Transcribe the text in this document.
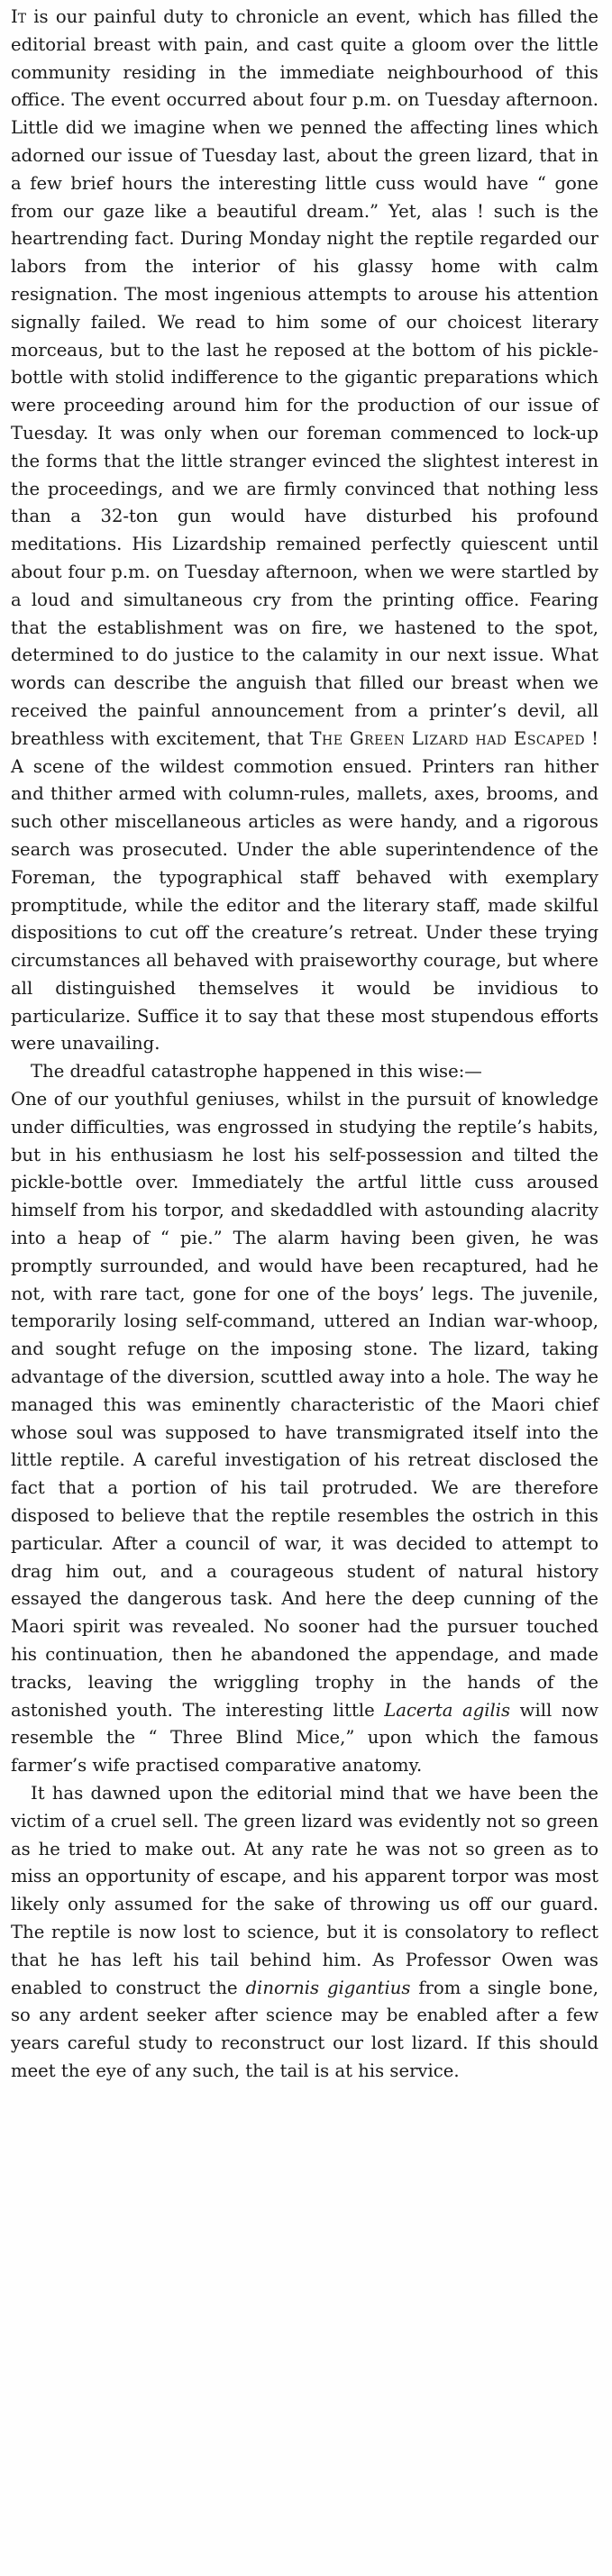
It is our painful duty to chronicle an event, which has filled the editorial breast with pain, and cast quite a gloom over the little community residing in the immediate neighbourhood of this office. The event occurred about four p.m. on Tuesday afternoon. Little did we imagine when we penned the affecting lines which adorned our issue of Tuesday last, about the green lizard, that in a few brief hours the interesting little cuss would have “ gone from our gaze like a beautiful dream.” Yet, alas ! such is the heartrending fact. During Monday night the reptile regarded our labors from the interior of his glassy home with calm resignation. The most ingenious attempts to arouse his attention signally failed. We read to him some of our choicest literary morceaus, but to the last he reposed at the bottom of his pickle-bottle with stolid indifference to the gigantic preparations which were proceeding around him for the production of our issue of Tuesday. It was only when our foreman commenced to lock-up the forms that the little stranger evinced the slightest interest in the proceedings, and we are firmly convinced that nothing less than a 32-ton gun would have disturbed his profound meditations. His Lizardship remained perfectly quiescent until about four p.m. on Tuesday afternoon, when we were startled by a loud and simultaneous cry from the printing office. Fearing that the establishment was on fire, we hastened to the spot, determined to do justice to the calamity in our next issue. What words can describe the anguish that filled our breast when we received the painful announcement from a printer’s devil, all breathless with excitement, that The Green Lizard had Escaped ! A scene of the wildest commotion ensued. Printers ran hither and thither armed with column-rules, mallets, axes, brooms, and such other miscellaneous articles as were handy, and a rigorous search was prosecuted. Under the able superintendence of the Foreman, the typographical staff behaved with exemplary promptitude, while the editor and the literary staff, made skilful dispositions to cut off the creature’s retreat. Under these trying circumstances all behaved with praiseworthy courage, but where all distinguished themselves it would be invidious to particularize. Suffice it to say that these most stupendous efforts were unavailing.

The dreadful catastrophe happened in this wise:—

One of our youthful geniuses, whilst in the pursuit of knowledge under difficulties, was engrossed in studying the reptile’s habits, but in his enthusiasm he lost his self-possession and tilted the pickle-bottle over. Immediately the artful little cuss aroused himself from his torpor, and skedaddled with astounding alacrity into a heap of “ pie.” The alarm having been given, he was promptly surrounded, and would have been recaptured, had he not, with rare tact, gone for one of the boys’ legs. The juvenile, temporarily losing self-command, uttered an Indian war-whoop, and sought refuge on the imposing stone. The lizard, taking advantage of the diversion, scuttled away into a hole. The way he managed this was eminently characteristic of the Maori chief whose soul was supposed to have transmigrated itself into the little reptile. A careful investigation of his retreat disclosed the fact that a portion of his tail protruded. We are therefore disposed to believe that the reptile resembles the ostrich in this particular. After a council of war, it was decided to attempt to drag him out, and a courageous student of natural history essayed the dangerous task. And here the deep cunning of the Maori spirit was revealed. No sooner had the pursuer touched his continuation, then he abandoned the appendage, and made tracks, leaving the wriggling trophy in the hands of the astonished youth. The interesting little Lacerta agilis will now resemble the “ Three Blind Mice,” upon which the famous farmer’s wife practised comparative anatomy.

It has dawned upon the editorial mind that we have been the victim of a cruel sell. The green lizard was evidently not so green as he tried to make out. At any rate he was not so green as to miss an opportunity of escape, and his apparent torpor was most likely only assumed for the sake of throwing us off our guard. The reptile is now lost to science, but it is consolatory to reflect that he has left his tail behind him. As Professor Owen was enabled to construct the dinornis gigantius from a single bone, so any ardent seeker after science may be enabled after a few years careful study to reconstruct our lost lizard. If this should meet the eye of any such, the tail is at his service.
